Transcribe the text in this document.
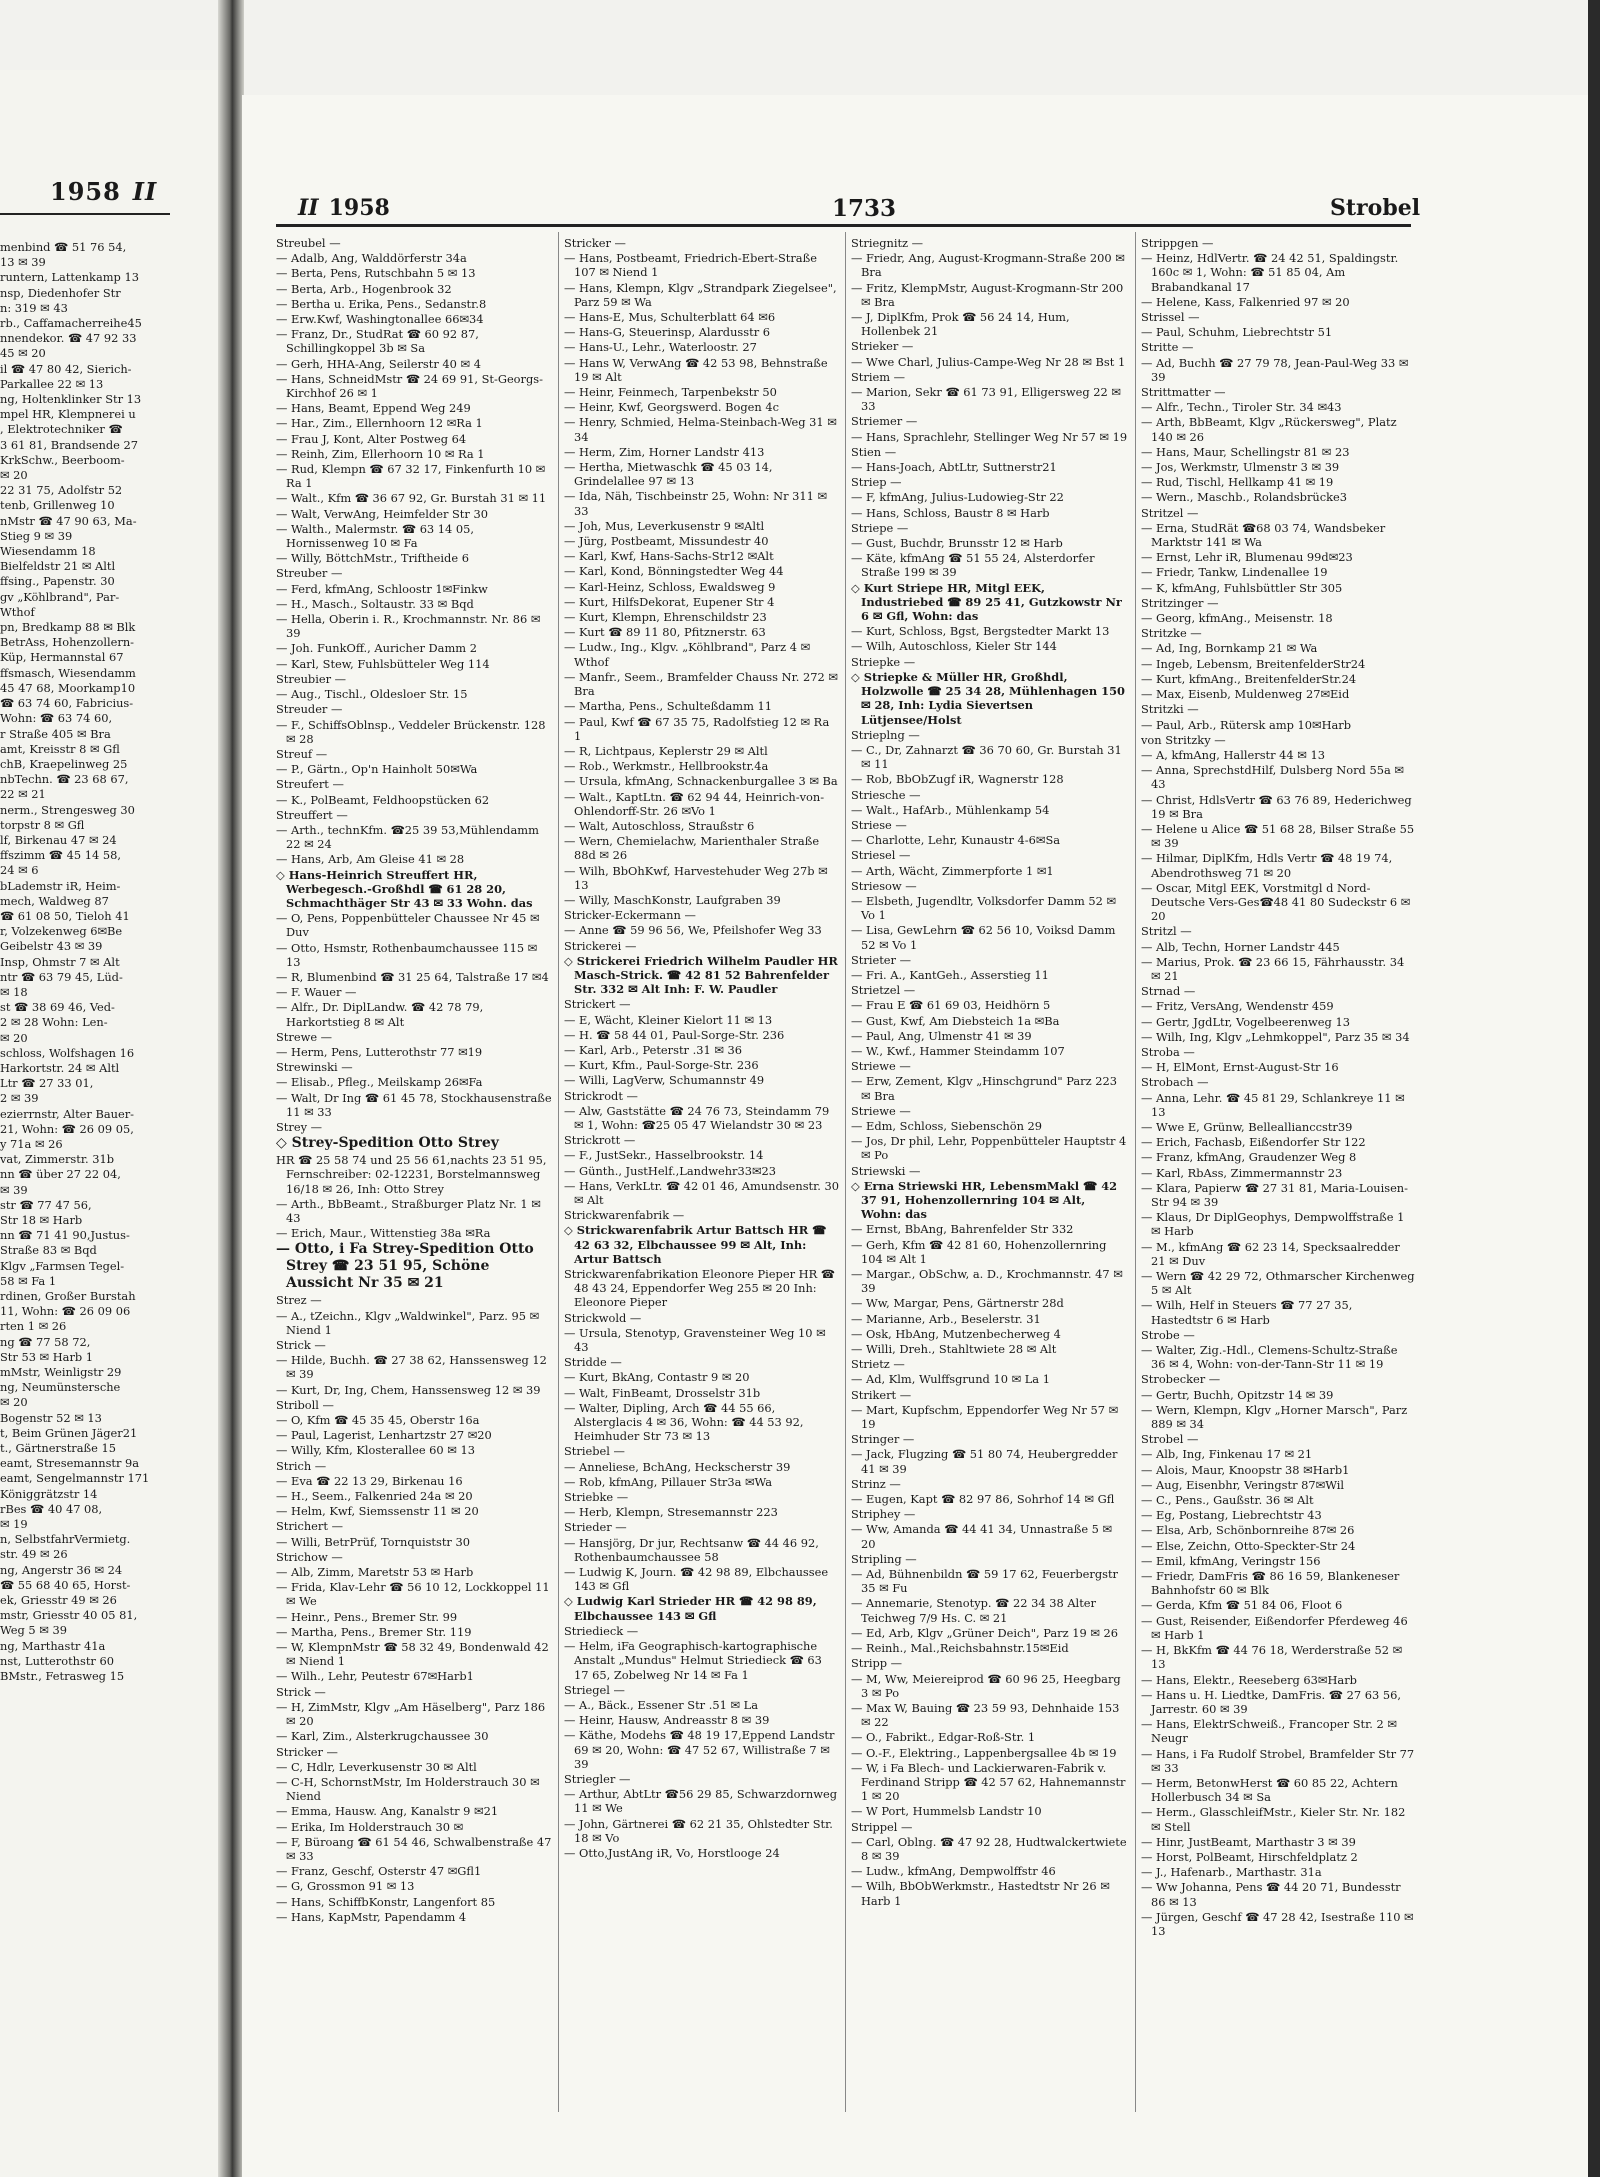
1958 II
menbind ☎ 51 76 54,
13 ✉ 39
runtern, Lattenkamp 13
nsp, Diedenhofer Str
n: 319 ✉ 43
rb., Caffamacherreihe45
nnendekor. ☎ 47 92 33
45 ✉ 20
il ☎ 47 80 42, Sierich-
Parkallee 22 ✉ 13
ng, Holtenklinker Str 13
mpel HR, Klempnerei u
, Elektrotechniker ☎
3 61 81, Brandsende 27
KrkSchw., Beerboom-
✉ 20
22 31 75, Adolfstr 52
tenb, Grillenweg 10
nMstr ☎ 47 90 63, Ma-
Stieg 9 ✉ 39
Wiesendamm 18
Bielfeldstr 21 ✉ Altl
ffsing., Papenstr. 30
gv „Köhlbrand", Par-
Wthof
pn, Bredkamp 88 ✉ Blk
BetrAss, Hohenzollern-
Küp, Hermannstal 67
ffsmasch, Wiesendamm
45 47 68, Moorkamp10
☎ 63 74 60, Fabricius-
Wohn: ☎ 63 74 60,
r Straße 405 ✉ Bra
amt, Kreisstr 8 ✉ Gfl
chB, Kraepelinweg 25
nbTechn. ☎ 23 68 67,
22 ✉ 21
nerm., Strengesweg 30
torpstr 8 ✉ Gfl
lf, Birkenau 47 ✉ 24
ffszimm ☎ 45 14 58,
24 ✉ 6
bLademstr iR, Heim-
mech, Waldweg 87
☎ 61 08 50, Tieloh 41
r, Volzekenweg 6✉Be
Geibelstr 43 ✉ 39
Insp, Ohmstr 7 ✉ Alt
ntr ☎ 63 79 45, Lüd-
✉ 18
st ☎ 38 69 46, Ved-
2 ✉ 28 Wohn: Len-
✉ 20
schloss, Wolfshagen 16
Harkortstr. 24 ✉ Altl
Ltr ☎ 27 33 01,
2 ✉ 39
ezierrnstr, Alter Bauer-
21, Wohn: ☎ 26 09 05,
y 71a ✉ 26
vat, Zimmerstr. 31b
nn ☎ über 27 22 04,
✉ 39
str ☎ 77 47 56,
Str 18 ✉ Harb
nn ☎ 71 41 90,Justus-
Straße 83 ✉ Bqd
Klgv „Farmsen Tegel-
58 ✉ Fa 1
rdinen, Großer Burstah
11, Wohn: ☎ 26 09 06
rten 1 ✉ 26
ng ☎ 77 58 72,
Str 53 ✉ Harb 1
mMstr, Weinligstr 29
ng, Neumünstersche
✉ 20
Bogenstr 52 ✉ 13
t, Beim Grünen Jäger21
t., Gärtnerstraße 15
eamt, Stresemannstr 9a
eamt, Sengelmannstr 171
Königgrätzstr 14
rBes ☎ 40 47 08,
✉ 19
n, SelbstfahrVermietg.
str. 49 ✉ 26
ng, Angerstr 36 ✉ 24
☎ 55 68 40 65, Horst-
ek, Griesstr 49 ✉ 26
mstr, Griesstr 40 05 81,
Weg 5 ✉ 39
ng, Marthastr 41a
nst, Lutterothstr 60
BMstr., Fetrasweg 15
II 1958	1733	Strobel
Streubel —
— Adalb, Ang, Walddörferstr 34a
— Berta, Pens, Rutschbahn 5 ✉ 13
— Berta, Arb., Hogenbrook 32
— Bertha u. Erika, Pens., Sedanstr.8
— Erw.Kwf, Washingtonallee 66✉34
— Franz, Dr., StudRat ☎ 60 92 87, Schillingkoppel 3b ✉ Sa
— Gerh, HHA-Ang, Seilerstr 40 ✉ 4
— Hans, SchneidMstr ☎ 24 69 91, St-Georgs-Kirchhof 26 ✉ 1
— Hans, Beamt, Eppend Weg 249
— Har., Zim., Ellernhoorn 12 ✉Ra 1
— Frau J, Kont, Alter Postweg 64
— Reinh, Zim, Ellerhoorn 10 ✉ Ra 1
— Rud, Klempn ☎ 67 32 17, Finkenfurth 10 ✉ Ra 1
— Walt., Kfm ☎ 36 67 92, Gr. Burstah 31 ✉ 11
— Walt, VerwAng, Heimfelder Str 30
— Walth., Malermstr. ☎ 63 14 05, Hornissenweg 10 ✉ Fa
— Willy, BöttchMstr., Triftheide 6
Streuber —
— Ferd, kfmAng, Schloostr 1✉Finkw
— H., Masch., Soltaustr. 33 ✉ Bqd
— Hella, Oberin i. R., Krochmannstr. Nr. 86 ✉ 39
— Joh. FunkOff., Auricher Damm 2
— Karl, Stew, Fuhlsbütteler Weg 114
Streubier —
— Aug., Tischl., Oldesloer Str. 15
Streuder —
— F., SchiffsOblnsp., Veddeler Brückenstr. 128 ✉ 28
Streuf —
— P., Gärtn., Op'n Hainholt 50✉Wa
Streufert —
— K., PolBeamt, Feldhoopstücken 62
Streuffert —
— Arth., technKfm. ☎25 39 53,Mühlendamm 22 ✉ 24
— Hans, Arb, Am Gleise 41 ✉ 28
◇ Hans-Heinrich Streuffert HR, Werbegesch.-Großhdl ☎ 61 28 20, Schmachthäger Str 43 ✉ 33 Wohn. das
— O, Pens, Poppenbütteler Chaussee Nr 45 ✉ Duv
— Otto, Hsmstr, Rothenbaumchaussee 115 ✉ 13
— R, Blumenbind ☎ 31 25 64, Talstraße 17 ✉4
— F. Wauer —
— Alfr., Dr. DiplLandw. ☎ 42 78 79, Harkortstieg 8 ✉ Alt
Strewe —
— Herm, Pens, Lutterothstr 77 ✉19
Strewinski —
— Elisab., Pfleg., Meilskamp 26✉Fa
— Walt, Dr Ing ☎ 61 45 78, Stockhausenstraße 11 ✉ 33
Strey —
◇ Strey-Spedition Otto Strey
HR ☎ 25 58 74 und 25 56 61,nachts 23 51 95, Fernschreiber: 02-12231, Borstelmannsweg 16/18 ✉ 26, Inh: Otto Strey
— Arth., BbBeamt., Straßburger Platz Nr. 1 ✉ 43
— Erich, Maur., Wittenstieg 38a ✉Ra
— Otto, i Fa Strey-Spedition Otto Strey ☎ 23 51 95, Schöne Aussicht Nr 35 ✉ 21
Strez —
— A., tZeichn., Klgv „Waldwinkel", Parz. 95 ✉ Niend 1
Strick —
— Hilde, Buchh. ☎ 27 38 62, Hanssensweg 12 ✉ 39
— Kurt, Dr, Ing, Chem, Hanssensweg 12 ✉ 39
Striboll —
— O, Kfm ☎ 45 35 45, Oberstr 16a
— Paul, Lagerist, Lenhartzstr 27 ✉20
— Willy, Kfm, Klosterallee 60 ✉ 13
Strich —
— Eva ☎ 22 13 29, Birkenau 16
— H., Seem., Falkenried 24a ✉ 20
— Helm, Kwf, Siemssenstr 11 ✉ 20
Strichert —
— Willi, BetrPrüf, Tornquiststr 30
Strichow —
— Alb, Zimm, Maretstr 53 ✉ Harb
— Frida, Klav-Lehr ☎ 56 10 12, Lockkoppel 11 ✉ We
— Heinr., Pens., Bremer Str. 99
— Martha, Pens., Bremer Str. 119
— W, KlempnMstr ☎ 58 32 49, Bondenwald 42 ✉ Niend 1
— Wilh., Lehr, Peutestr 67✉Harb1
Strick —
— H, ZimMstr, Klgv „Am Häselberg", Parz 186 ✉ 20
— Karl, Zim., Alsterkrugchaussee 30
Stricker —
— C, Hdlr, Leverkusenstr 30 ✉ Altl
— C-H, SchornstMstr, Im Holderstrauch 30 ✉ Niend
— Emma, Hausw. Ang, Kanalstr 9 ✉21
— Erika, Im Holderstrauch 30 ✉
— F, Büroang ☎ 61 54 46, Schwalbenstraße 47 ✉ 33
— Franz, Geschf, Osterstr 47 ✉Gfl1
— G, Grossmon 91 ✉ 13
— Hans, SchiffbKonstr, Langenfort 85
— Hans, KapMstr, Papendamm 4
Stricker —
— Hans, Postbeamt, Friedrich-Ebert-Straße 107 ✉ Niend 1
— Hans, Klempn, Klgv „Strandpark Ziegelsee", Parz 59 ✉ Wa
— Hans-E, Mus, Schulterblatt 64 ✉6
— Hans-G, Steuerinsp, Alardusstr 6
— Hans-U., Lehr., Waterloostr. 27
— Hans W, VerwAng ☎ 42 53 98, Behnstraße 19 ✉ Alt
— Heinr, Feinmech, Tarpenbekstr 50
— Heinr, Kwf, Georgswerd. Bogen 4c
— Henry, Schmied, Helma-Steinbach-Weg 31 ✉ 34
— Herm, Zim, Horner Landstr 413
— Hertha, Mietwaschk ☎ 45 03 14, Grindelallee 97 ✉ 13
— Ida, Näh, Tischbeinstr 25, Wohn: Nr 311 ✉ 33
— Joh, Mus, Leverkusenstr 9 ✉Altl
— Jürg, Postbeamt, Missundestr 40
— Karl, Kwf, Hans-Sachs-Str12 ✉Alt
— Karl, Kond, Bönningstedter Weg 44
— Karl-Heinz, Schloss, Ewaldsweg 9
— Kurt, HilfsDekorat, Eupener Str 4
— Kurt, Klempn, Ehrenschildstr 23
— Kurt ☎ 89 11 80, Pfitznerstr. 63
— Ludw., Ing., Klgv. „Köhlbrand", Parz 4 ✉ Wthof
— Manfr., Seem., Bramfelder Chauss Nr. 272 ✉ Bra
— Martha, Pens., Schulteßdamm 11
— Paul, Kwf ☎ 67 35 75, Radolfstieg 12 ✉ Ra 1
— R, Lichtpaus, Keplerstr 29 ✉ Altl
— Rob., Werkmstr., Hellbrookstr.4a
— Ursula, kfmAng, Schnackenburgallee 3 ✉ Ba
— Walt., KaptLtn. ☎ 62 94 44, Heinrich-von-Ohlendorff-Str. 26 ✉Vo 1
— Walt, Autoschloss, Straußstr 6
— Wern, Chemielachw, Marienthaler Straße 88d ✉ 26
— Wilh, BbOhKwf, Harvestehuder Weg 27b ✉ 13
— Willy, MaschKonstr, Laufgraben 39
Stricker-Eckermann —
— Anne ☎ 59 96 56, We, Pfeilshofer Weg 33
Strickerei —
◇ Strickerei Friedrich Wilhelm Paudler HR Masch-Strick. ☎ 42 81 52 Bahrenfelder Str. 332 ✉ Alt Inh: F. W. Paudler
Strickert —
— E, Wächt, Kleiner Kielort 11 ✉ 13
— H. ☎ 58 44 01, Paul-Sorge-Str. 236
— Karl, Arb., Peterstr .31 ✉ 36
— Kurt, Kfm., Paul-Sorge-Str. 236
— Willi, LagVerw, Schumannstr 49
Strickrodt —
— Alw, Gaststätte ☎ 24 76 73, Steindamm 79 ✉ 1, Wohn: ☎25 05 47 Wielandstr 30 ✉ 23
Strickrott —
— F., JustSekr., Hasselbrookstr. 14
— Günth., JustHelf.,Landwehr33✉23
— Hans, VerkLtr. ☎ 42 01 46, Amundsenstr. 30 ✉ Alt
Strickwarenfabrik —
◇ Strickwarenfabrik Artur Battsch HR ☎ 42 63 32, Elbchaussee 99 ✉ Alt, Inh: Artur Battsch
Strickwarenfabrikation Eleonore Pieper HR ☎ 48 43 24, Eppendorfer Weg 255 ✉ 20 Inh: Eleonore Pieper
Strickwold —
— Ursula, Stenotyp, Gravensteiner Weg 10 ✉ 43
Stridde —
— Kurt, BkAng, Contastr 9 ✉ 20
— Walt, FinBeamt, Drosselstr 31b
— Walter, Dipling, Arch ☎ 44 55 66, Alsterglacis 4 ✉ 36, Wohn: ☎ 44 53 92, Heimhuder Str 73 ✉ 13
Striebel —
— Anneliese, BchAng, Heckscherstr 39
— Rob, kfmAng, Pillauer Str3a ✉Wa
Striebke —
— Herb, Klempn, Stresemannstr 223
Strieder —
— Hansjörg, Dr jur, Rechtsanw ☎ 44 46 92, Rothenbaumchaussee 58
— Ludwig K, Journ. ☎ 42 98 89, Elbchaussee 143 ✉ Gfl
◇ Ludwig Karl Strieder HR ☎ 42 98 89, Elbchaussee 143 ✉ Gfl
Striedieck —
— Helm, iFa Geographisch-kartographische Anstalt „Mundus" Helmut Striedieck ☎ 63 17 65, Zobelweg Nr 14 ✉ Fa 1
Striegel —
— A., Bäck., Essener Str .51 ✉ La
— Heinr, Hausw, Andreasstr 8 ✉ 39
— Käthe, Modehs ☎ 48 19 17,Eppend Landstr 69 ✉ 20, Wohn: ☎ 47 52 67, Willistraße 7 ✉ 39
Striegler —
— Arthur, AbtLtr ☎56 29 85, Schwarzdornweg 11 ✉ We
— John, Gärtnerei ☎ 62 21 35, Ohlstedter Str. 18 ✉ Vo
— Otto,JustAng iR, Vo, Horstlooge 24
Striegnitz —
— Friedr, Ang, August-Krogmann-Straße 200 ✉ Bra
— Fritz, KlempMstr, August-Krogmann-Str 200 ✉ Bra
— J, DiplKfm, Prok ☎ 56 24 14, Hum, Hollenbek 21
Strieker —
— Wwe Charl, Julius-Campe-Weg Nr 28 ✉ Bst 1
Striem —
— Marion, Sekr ☎ 61 73 91, Elligersweg 22 ✉ 33
Striemer —
— Hans, Sprachlehr, Stellinger Weg Nr 57 ✉ 19
Stien —
— Hans-Joach, AbtLtr, Suttnerstr21
Striep —
— F, kfmAng, Julius-Ludowieg-Str 22
— Hans, Schloss, Baustr 8 ✉ Harb
Striepe —
— Gust, Buchdr, Brunsstr 12 ✉ Harb
— Käte, kfmAng ☎ 51 55 24, Alsterdorfer Straße 199 ✉ 39
◇ Kurt Striepe HR, Mitgl EEK, Industriebed ☎ 89 25 41, Gutzkowstr Nr 6 ✉ Gfl, Wohn: das
— Kurt, Schloss, Bgst, Bergstedter Markt 13
— Wilh, Autoschloss, Kieler Str 144
Striepke —
◇ Striepke & Müller HR, Großhdl, Holzwolle ☎ 25 34 28, Mühlenhagen 150 ✉ 28, Inh: Lydia Sievertsen Lütjensee/Holst
Strieplng —
— C., Dr, Zahnarzt ☎ 36 70 60, Gr. Burstah 31 ✉ 11
— Rob, BbObZugf iR, Wagnerstr 128
Striesche —
— Walt., HafArb., Mühlenkamp 54
Striese —
— Charlotte, Lehr, Kunaustr 4-6✉Sa
Striesel —
— Arth, Wächt, Zimmerpforte 1 ✉1
Striesow —
— Elsbeth, Jugendltr, Volksdorfer Damm 52 ✉ Vo 1
— Lisa, GewLehrn ☎ 62 56 10, Voiksd Damm 52 ✉ Vo 1
Strieter —
— Fri. A., KantGeh., Asserstieg 11
Strietzel —
— Frau E ☎ 61 69 03, Heidhörn 5
— Gust, Kwf, Am Diebsteich 1a ✉Ba
— Paul, Ang, Ulmenstr 41 ✉ 39
— W., Kwf., Hammer Steindamm 107
Striewe —
— Erw, Zement, Klgv „Hinschgrund" Parz 223 ✉ Bra
Striewe —
— Edm, Schloss, Siebenschön 29
— Jos, Dr phil, Lehr, Poppenbütteler Hauptstr 4 ✉ Po
Striewski —
◇ Erna Striewski HR, LebensmMakl ☎ 42 37 91, Hohenzollernring 104 ✉ Alt, Wohn: das
— Ernst, BbAng, Bahrenfelder Str 332
— Gerh, Kfm ☎ 42 81 60, Hohenzollernring 104 ✉ Alt 1
— Margar., ObSchw, a. D., Krochmannstr. 47 ✉ 39
— Ww, Margar, Pens, Gärtnerstr 28d
— Marianne, Arb., Beselerstr. 31
— Osk, HbAng, Mutzenbecherweg 4
— Willi, Dreh., Stahltwiete 28 ✉ Alt
Strietz —
— Ad, Klm, Wulffsgrund 10 ✉ La 1
Strikert —
— Mart, Kupfschm, Eppendorfer Weg Nr 57 ✉ 19
Stringer —
— Jack, Flugzing ☎ 51 80 74, Heubergredder 41 ✉ 39
Strinz —
— Eugen, Kapt ☎ 82 97 86, Sohrhof 14 ✉ Gfl
Striphey —
— Ww, Amanda ☎ 44 41 34, Unnastraße 5 ✉ 20
Stripling —
— Ad, Bühnenbildn ☎ 59 17 62, Feuerbergstr 35 ✉ Fu
— Annemarie, Stenotyp. ☎ 22 34 38 Alter Teichweg 7/9 Hs. C. ✉ 21
— Ed, Arb, Klgv „Grüner Deich", Parz 19 ✉ 26
— Reinh., Mal.,Reichsbahnstr.15✉Eid
Stripp —
— M, Ww, Meiereiprod ☎ 60 96 25, Heegbarg 3 ✉ Po
— Max W, Bauing ☎ 23 59 93, Dehnhaide 153 ✉ 22
— O., Fabrikt., Edgar-Roß-Str. 1
— O.-F., Elektring., Lappenbergsallee 4b ✉ 19
— W, i Fa Blech- und Lackierwaren-Fabrik v. Ferdinand Stripp ☎ 42 57 62, Hahnemannstr 1 ✉ 20
— W Port, Hummelsb Landstr 10
Strippel —
— Carl, Oblng. ☎ 47 92 28, Hudtwalckertwiete 8 ✉ 39
— Ludw., kfmAng, Dempwolffstr 46
— Wilh, BbObWerkmstr., Hastedtstr Nr 26 ✉ Harb 1
Strippgen —
— Heinz, HdlVertr. ☎ 24 42 51, Spaldingstr. 160c ✉ 1, Wohn: ☎ 51 85 04, Am Brabandkanal 17
— Helene, Kass, Falkenried 97 ✉ 20
Strissel —
— Paul, Schuhm, Liebrechtstr 51
Stritte —
— Ad, Buchh ☎ 27 79 78, Jean-Paul-Weg 33 ✉ 39
Strittmatter —
— Alfr., Techn., Tiroler Str. 34 ✉43
— Arth, BbBeamt, Klgv „Rückersweg", Platz 140 ✉ 26
— Hans, Maur, Schellingstr 81 ✉ 23
— Jos, Werkmstr, Ulmenstr 3 ✉ 39
— Rud, Tischl, Hellkamp 41 ✉ 19
— Wern., Maschb., Rolandsbrücke3
Stritzel —
— Erna, StudRät ☎68 03 74, Wandsbeker Marktstr 141 ✉ Wa
— Ernst, Lehr iR, Blumenau 99d✉23
— Friedr, Tankw, Lindenallee 19
— K, kfmAng, Fuhlsbüttler Str 305
Stritzinger —
— Georg, kfmAng., Meisenstr. 18
Stritzke —
— Ad, Ing, Bornkamp 21 ✉ Wa
— Ingeb, Lebensm, BreitenfelderStr24
— Kurt, kfmAng., BreitenfelderStr.24
— Max, Eisenb, Muldenweg 27✉Eid
Stritzki —
— Paul, Arb., Rütersk amp 10✉Harb
von Stritzky —
— A, kfmAng, Hallerstr 44 ✉ 13
— Anna, SprechstdHilf, Dulsberg Nord 55a ✉ 43
— Christ, HdlsVertr ☎ 63 76 89, Hederichweg 19 ✉ Bra
— Helene u Alice ☎ 51 68 28, Bilser Straße 55 ✉ 39
— Hilmar, DiplKfm, Hdls Vertr ☎ 48 19 74, Abendrothsweg 71 ✉ 20
— Oscar, Mitgl EEK, Vorstmitgl d Nord-Deutsche Vers-Ges☎48 41 80 Sudeckstr 6 ✉ 20
Stritzl —
— Alb, Techn, Horner Landstr 445
— Marius, Prok. ☎ 23 66 15, Fährhausstr. 34 ✉ 21
Strnad —
— Fritz, VersAng, Wendenstr 459
— Gertr, JgdLtr, Vogelbeerenweg 13
— Wilh, Ing, Klgv „Lehmkoppel", Parz 35 ✉ 34
Stroba —
— H, ElMont, Ernst-August-Str 16
Strobach —
— Anna, Lehr. ☎ 45 81 29, Schlankreye 11 ✉ 13
— Wwe E, Grünw, Belleallianccstr39
— Erich, Fachasb, Eißendorfer Str 122
— Franz, kfmAng, Graudenzer Weg 8
— Karl, RbAss, Zimmermannstr 23
— Klara, Papierw ☎ 27 31 81, Maria-Louisen-Str 94 ✉ 39
— Klaus, Dr DiplGeophys, Dempwolffstraße 1 ✉ Harb
— M., kfmAng ☎ 62 23 14, Specksaalredder 21 ✉ Duv
— Wern ☎ 42 29 72, Othmarscher Kirchenweg 5 ✉ Alt
— Wilh, Helf in Steuers ☎ 77 27 35, Hastedtstr 6 ✉ Harb
Strobe —
— Walter, Zig.-Hdl., Clemens-Schultz-Straße 36 ✉ 4, Wohn: von-der-Tann-Str 11 ✉ 19
Strobecker —
— Gertr, Buchh, Opitzstr 14 ✉ 39
— Wern, Klempn, Klgv „Horner Marsch", Parz 889 ✉ 34
Strobel —
— Alb, Ing, Finkenau 17 ✉ 21
— Alois, Maur, Knoopstr 38 ✉Harb1
— Aug, Eisenbhr, Veringstr 87✉Wil
— C., Pens., Gaußstr. 36 ✉ Alt
— Eg, Postang, Liebrechtstr 43
— Elsa, Arb, Schönbornreihe 87✉ 26
— Else, Zeichn, Otto-Speckter-Str 24
— Emil, kfmAng, Veringstr 156
— Friedr, DamFris ☎ 86 16 59, Blankeneser Bahnhofstr 60 ✉ Blk
— Gerda, Kfm ☎ 51 84 06, Floot 6
— Gust, Reisender, Eißendorfer Pferdeweg 46 ✉ Harb 1
— H, BkKfm ☎ 44 76 18, Werderstraße 52 ✉ 13
— Hans, Elektr., Reeseberg 63✉Harb
— Hans u. H. Liedtke, DamFris. ☎ 27 63 56, Jarrestr. 60 ✉ 39
— Hans, ElektrSchweiß., Francoper Str. 2 ✉ Neugr
— Hans, i Fa Rudolf Strobel, Bramfelder Str 77 ✉ 33
— Herm, BetonwHerst ☎ 60 85 22, Achtern Hollerbusch 34 ✉ Sa
— Herm., GlasschleifMstr., Kieler Str. Nr. 182 ✉ Stell
— Hinr, JustBeamt, Marthastr 3 ✉ 39
— Horst, PolBeamt, Hirschfeldplatz 2
— J., Hafenarb., Marthastr. 31a
— Ww Johanna, Pens ☎ 44 20 71, Bundesstr 86 ✉ 13
— Jürgen, Geschf ☎ 47 28 42, Isestraße 110 ✉ 13
